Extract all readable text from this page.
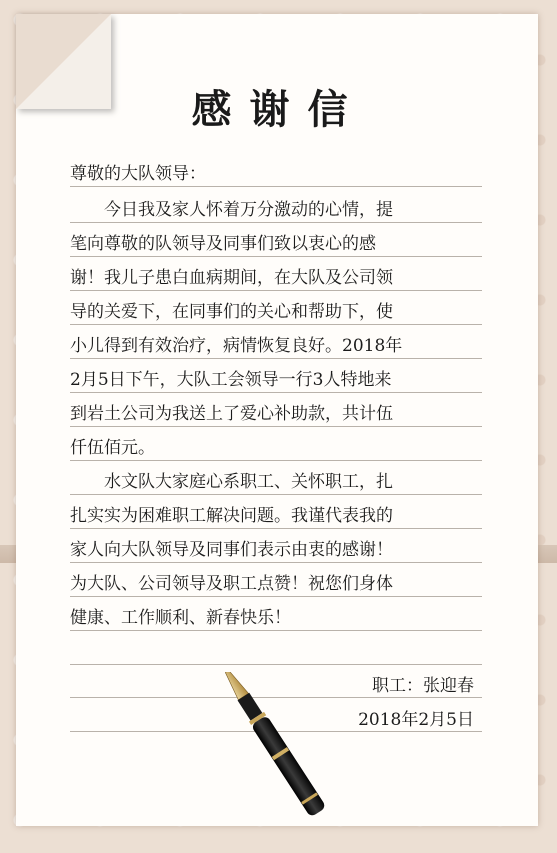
感谢信
尊敬的大队领导：
今日我及家人怀着万分激动的心情，提
笔向尊敬的队领导及同事们致以衷心的感
谢！我儿子患白血病期间，在大队及公司领
导的关爱下，在同事们的关心和帮助下，使
小儿得到有效治疗，病情恢复良好。2018年
2月5日下午，大队工会领导一行3人特地来
到岩土公司为我送上了爱心补助款，共计伍
仟伍佰元。
水文队大家庭心系职工、关怀职工，扎
扎实实为困难职工解决问题。我谨代表我的
家人向大队领导及同事们表示由衷的感谢！
为大队、公司领导及职工点赞！祝您们身体
健康、工作顺利、新春快乐！
职工：张迎春
2018年2月5日
